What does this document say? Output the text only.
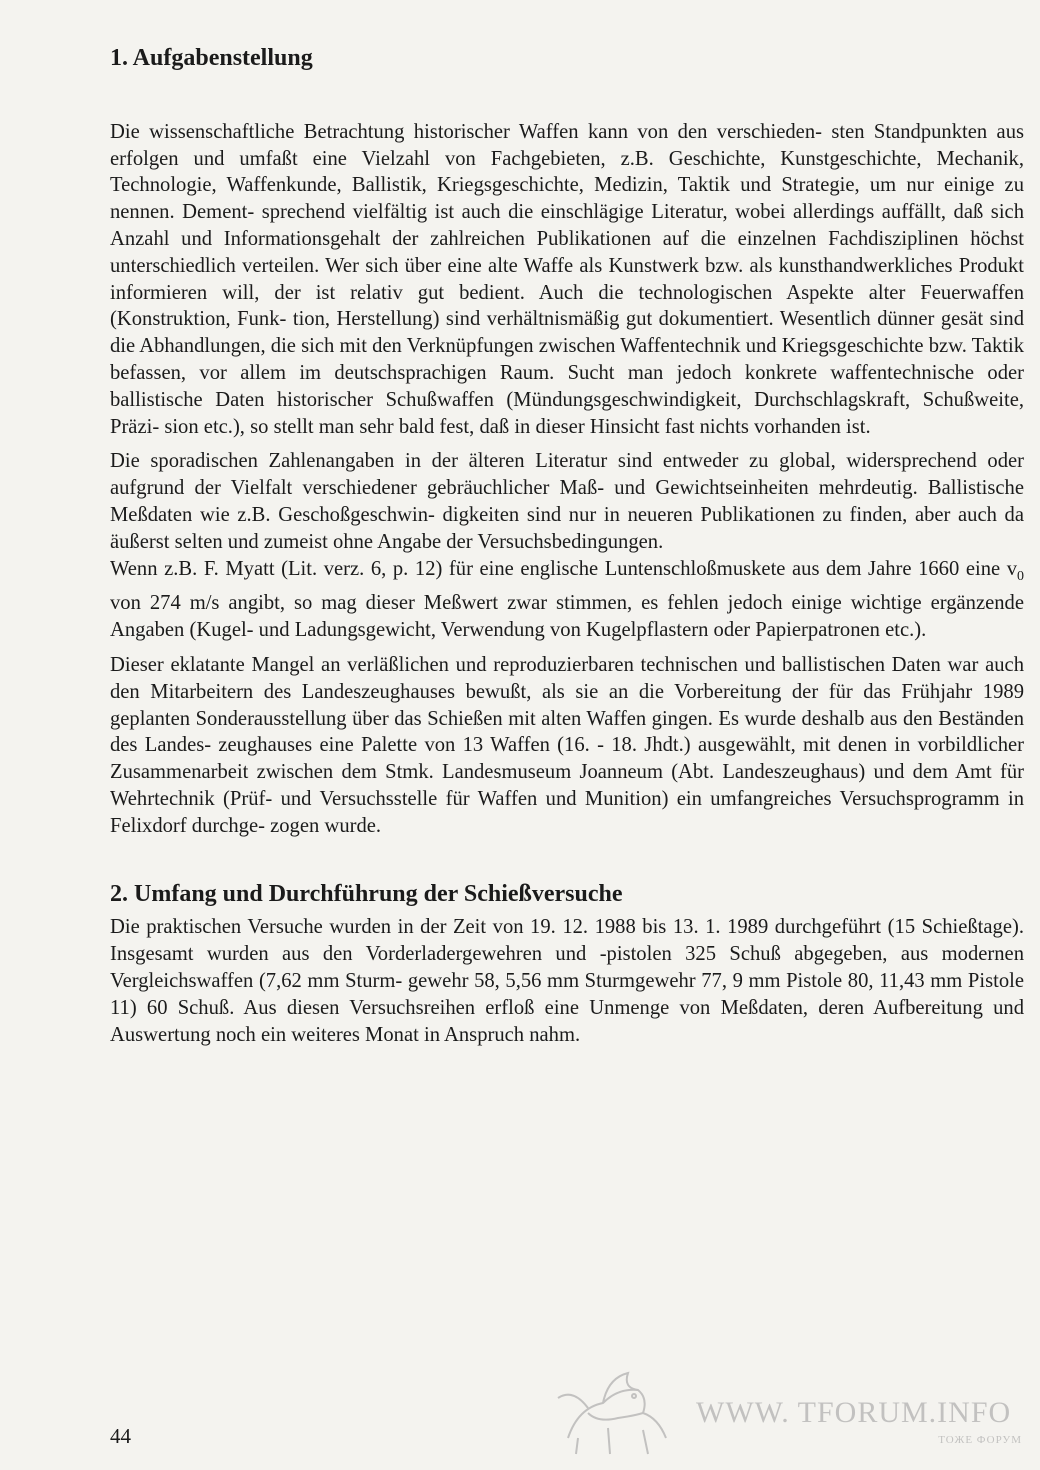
1. Aufgabenstellung

Die wissenschaftliche Betrachtung historischer Waffen kann von den verschieden- sten Standpunkten aus erfolgen und umfaßt eine Vielzahl von Fachgebieten, z.B. Geschichte, Kunstgeschichte, Mechanik, Technologie, Waffenkunde, Ballistik, Kriegsgeschichte, Medizin, Taktik und Strategie, um nur einige zu nennen. Dement- sprechend vielfältig ist auch die einschlägige Literatur, wobei allerdings auffällt, daß sich Anzahl und Informationsgehalt der zahlreichen Publikationen auf die einzelnen Fachdisziplinen höchst unterschiedlich verteilen. Wer sich über eine alte Waffe als Kunstwerk bzw. als kunsthandwerkliches Produkt informieren will, der ist relativ gut bedient. Auch die technologischen Aspekte alter Feuerwaffen (Konstruktion, Funk- tion, Herstellung) sind verhältnismäßig gut dokumentiert. Wesentlich dünner gesät sind die Abhandlungen, die sich mit den Verknüpfungen zwischen Waffentechnik und Kriegsgeschichte bzw. Taktik befassen, vor allem im deutschsprachigen Raum. Sucht man jedoch konkrete waffentechnische oder ballistische Daten historischer Schußwaffen (Mündungsgeschwindigkeit, Durchschlagskraft, Schußweite, Präzi- sion etc.), so stellt man sehr bald fest, daß in dieser Hinsicht fast nichts vorhanden ist.

Die sporadischen Zahlenangaben in der älteren Literatur sind entweder zu global, widersprechend oder aufgrund der Vielfalt verschiedener gebräuchlicher Maß- und Gewichtseinheiten mehrdeutig. Ballistische Meßdaten wie z.B. Geschoßgeschwin- digkeiten sind nur in neueren Publikationen zu finden, aber auch da äußerst selten und zumeist ohne Angabe der Versuchsbedingungen.

Wenn z.B. F. Myatt (Lit. verz. 6, p. 12) für eine englische Luntenschloßmuskete aus dem Jahre 1660 eine $v_0$ von 274 m/s angibt, so mag dieser Meßwert zwar stimmen, es fehlen jedoch einige wichtige ergänzende Angaben (Kugel- und Ladungsgewicht, Verwendung von Kugelpflastern oder Papierpatronen etc.).

Dieser eklatante Mangel an verläßlichen und reproduzierbaren technischen und ballistischen Daten war auch den Mitarbeitern des Landeszeughauses bewußt, als sie an die Vorbereitung der für das Frühjahr 1989 geplanten Sonderausstellung über das Schießen mit alten Waffen gingen. Es wurde deshalb aus den Beständen des Landes- zeughauses eine Palette von 13 Waffen (16. - 18. Jhdt.) ausgewählt, mit denen in vorbildlicher Zusammenarbeit zwischen dem Stmk. Landesmuseum Joanneum (Abt. Landeszeughaus) und dem Amt für Wehrtechnik (Prüf- und Versuchsstelle für Waffen und Munition) ein umfangreiches Versuchsprogramm in Felixdorf durchge- zogen wurde.

2. Umfang und Durchführung der Schießversuche

Die praktischen Versuche wurden in der Zeit von 19. 12. 1988 bis 13. 1. 1989 durchgeführt (15 Schießtage). Insgesamt wurden aus den Vorderladergewehren und -pistolen 325 Schuß abgegeben, aus modernen Vergleichswaffen (7,62 mm Sturm- gewehr 58, 5,56 mm Sturmgewehr 77, 9 mm Pistole 80, 11,43 mm Pistole 11) 60 Schuß. Aus diesen Versuchsreihen erfloß eine Unmenge von Meßdaten, deren Aufbereitung und Auswertung noch ein weiteres Monat in Anspruch nahm.

44
WWW. TFORUM.INFO
ТОЖЕ ФОРУМ
